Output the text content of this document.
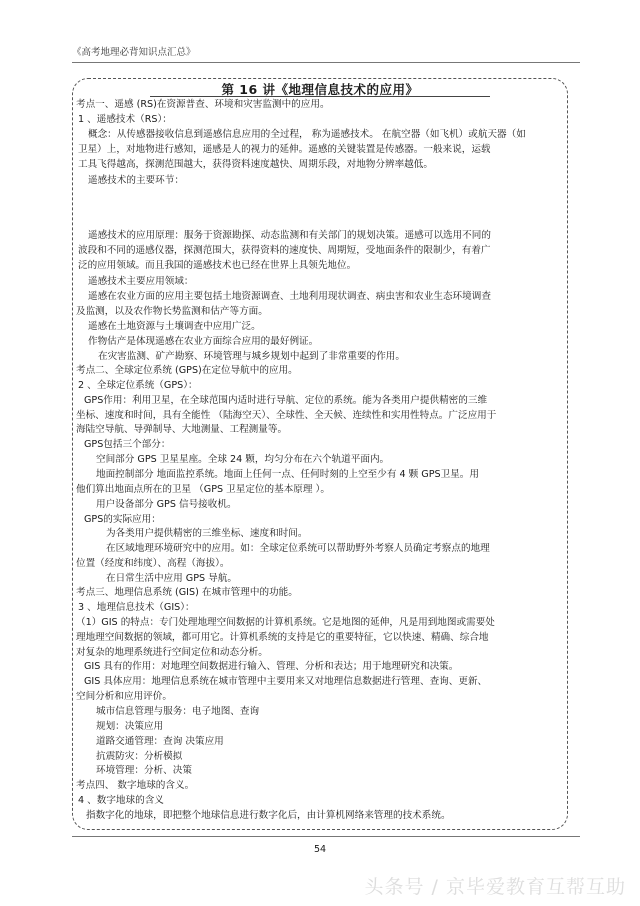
《高考地理必背知识点汇总》
第 16 讲《地理信息技术的应用》
考点一、遥感 (RS)在资源普查、环境和灾害监测中的应用。
1 、遥感技术（RS）：
概念：从传感器接收信息到遥感信息应用的全过程， 称为遥感技术。 在航空器（如飞机）或航天器（如
卫星）上，对地物进行感知，遥感是人的视力的延伸。遥感的关键装置是传感器。一般来说，运载
工具飞得越高，探测范围越大，获得资料速度越快、周期乐段，对地物分辨率越低。
遥感技术的主要环节：
遥感技术的应用原理：服务于资源勘探、动态监测和有关部门的规划决策。遥感可以选用不同的
波段和不同的遥感仪器，探测范围大，获得资料的速度快、周期短，受地面条件的限制少，有着广
泛的应用领域。而且我国的遥感技术也已经在世界上具领先地位。
遥感技术主要应用领域：
遥感在农业方面的应用主要包括土地资源调查、土地利用现状调查、病虫害和农业生态环境调查
及监测，以及农作物长势监测和估产等方面。
遥感在土地资源与土壤调查中应用广泛。
作物估产是体现遥感在农业方面综合应用的最好例证。
在灾害监测、矿产勘察、环境管理与城乡规划中起到了非常重要的作用。
考点二、全球定位系统 (GPS)在定位导航中的应用。
2 、全球定位系统（GPS）：
GPS作用：利用卫星，在全球范围内适时进行导航、定位的系统。能为各类用户提供精密的三维
坐标、速度和时间，具有全能性 （陆海空天）、全球性、全天候、连续性和实用性特点。广泛应用于
海陆空导航、导弹制导、大地测量、工程测量等。
GPS包括三个部分：
空间部分 GPS 卫星星座。全球 24 颗，均匀分布在六个轨道平面内。
地面控制部分 地面监控系统。地面上任何一点、任何时刻的上空至少有 4 颗 GPS卫星。用
他们算出地面点所在的卫星 （GPS 卫星定位的基本原理 ）。
用户设备部分 GPS 信号接收机。
GPS的实际应用：
为各类用户提供精密的三维坐标、速度和时间。
在区域地理环境研究中的应用。如：全球定位系统可以帮助野外考察人员确定考察点的地理
位置（经度和纬度）、高程（海拔）。
在日常生活中应用 GPS 导航。
考点三、地理信息系统 (GIS) 在城市管理中的功能。
3 、地理信息技术（GIS）：
（1）GIS 的特点：专门处理地理空间数据的计算机系统。它是地图的延伸，凡是用到地图或需要处
理地理空间数据的领域，都可用它。计算机系统的支持是它的重要特征，它以快速、精确、综合地
对复杂的地理系统进行空间定位和动态分析。
GIS 具有的作用：对地理空间数据进行输入、管理、分析和表达；用于地理研究和决策。
GIS 具体应用：地理信息系统在城市管理中主要用来又对地理信息数据进行管理、查询、更新、
空间分析和应用评价。
城市信息管理与服务：电子地图、查询
规划：决策应用
道路交通管理：查询 决策应用
抗震防灾：分析模拟
环境管理：分析、决策
考点四、 数字地球的含义。
4 、数字地球的含义
指数字化的地球，即把整个地球信息进行数字化后，由计算机网络来管理的技术系统。
54
头条号 / 京毕爱教育互帮互助
